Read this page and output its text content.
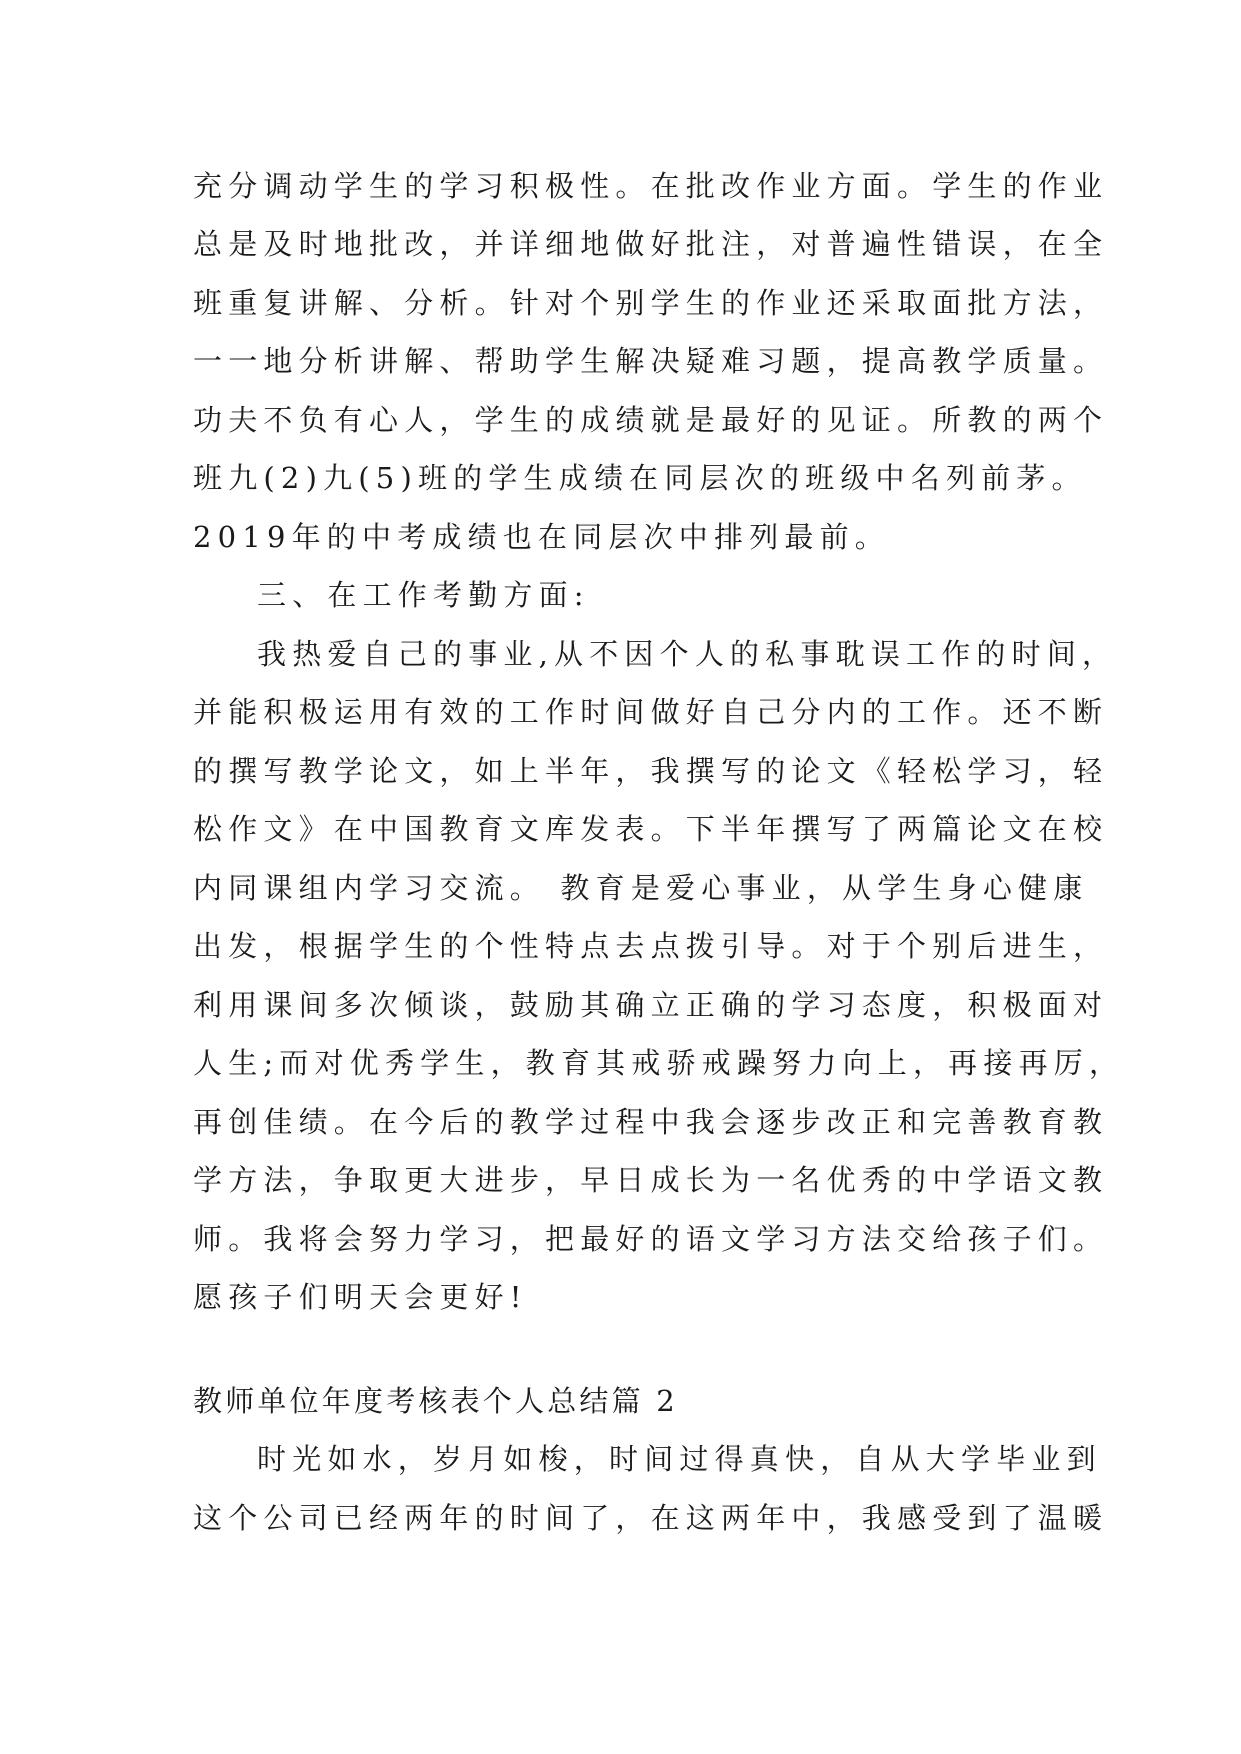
充分调动学生的学习积极性。在批改作业方面。学生的作业
总是及时地批改，并详细地做好批注，对普遍性错误，在全
班重复讲解、分析。针对个别学生的作业还采取面批方法，
一一地分析讲解、帮助学生解决疑难习题，提高教学质量。
功夫不负有心人，学生的成绩就是最好的见证。所教的两个
班九(2)九(5)班的学生成绩在同层次的班级中名列前茅。
2019年的中考成绩也在同层次中排列最前。
三、在工作考勤方面:
我热爱自己的事业,从不因个人的私事耽误工作的时间，
并能积极运用有效的工作时间做好自己分内的工作。还不断
的撰写教学论文，如上半年，我撰写的论文《轻松学习，轻
松作文》在中国教育文库发表。下半年撰写了两篇论文在校
内同课组内学习交流。 教育是爱心事业，从学生身心健康
出发，根据学生的个性特点去点拨引导。对于个别后进生，
利用课间多次倾谈，鼓励其确立正确的学习态度，积极面对
人生;而对优秀学生，教育其戒骄戒躁努力向上，再接再厉，
再创佳绩。在今后的教学过程中我会逐步改正和完善教育教
学方法，争取更大进步，早日成长为一名优秀的中学语文教
师。我将会努力学习，把最好的语文学习方法交给孩子们。
愿孩子们明天会更好!
教师单位年度考核表个人总结篇 2
时光如水，岁月如梭，时间过得真快，自从大学毕业到
这个公司已经两年的时间了，在这两年中，我感受到了温暖
